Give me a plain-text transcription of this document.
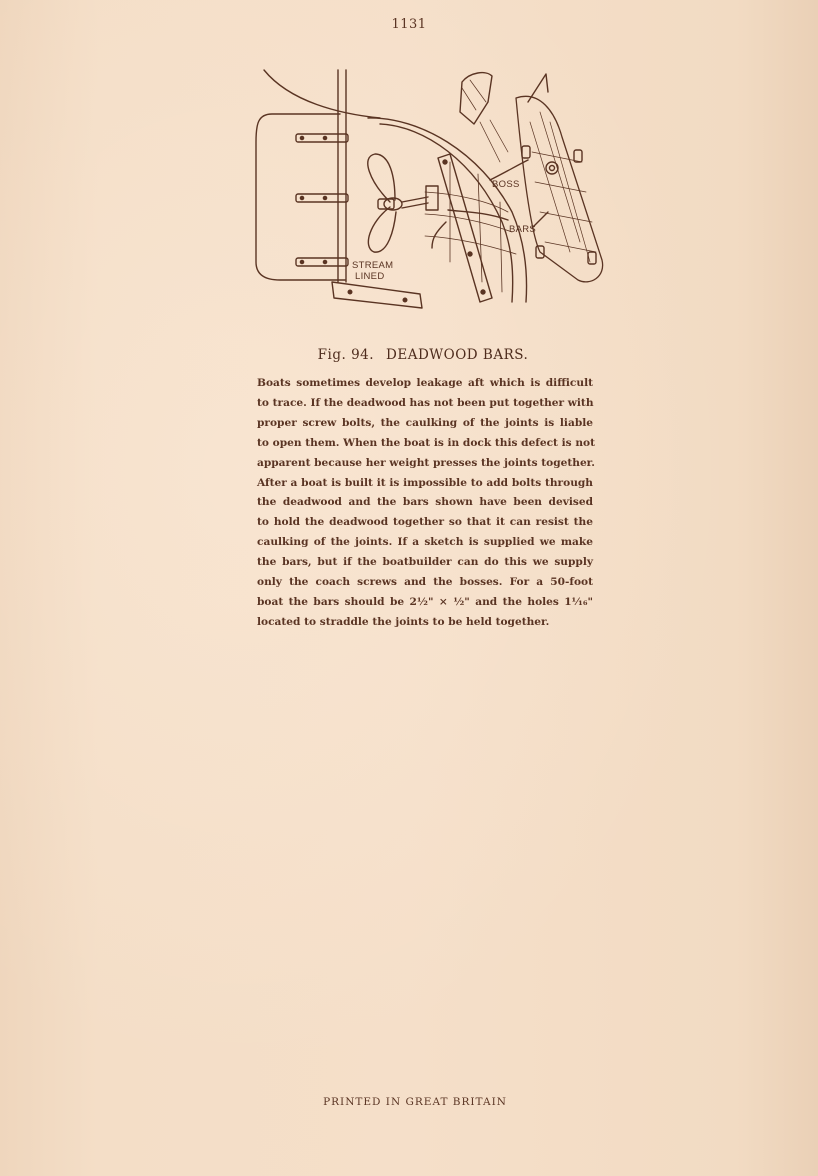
1131
BOSS
BARS
STREAM
LINED
Fig. 94. DEADWOOD BARS.
Boats sometimes develop leakage aft which is difficult
to trace. If the deadwood has not been put together with
proper screw bolts, the caulking of the joints is liable
to open them. When the boat is in dock this defect is not
apparent because her weight presses the joints together.
After a boat is built it is impossible to add bolts through
the deadwood and the bars shown have been devised
to hold the deadwood together so that it can resist the
caulking of the joints. If a sketch is supplied we make
the bars, but if the boatbuilder can do this we supply
only the coach screws and the bosses. For a 50-foot
boat the bars should be 2½" × ½" and the holes 1⅟₁₆"
located to straddle the joints to be held together.
PRINTED IN GREAT BRITAIN
